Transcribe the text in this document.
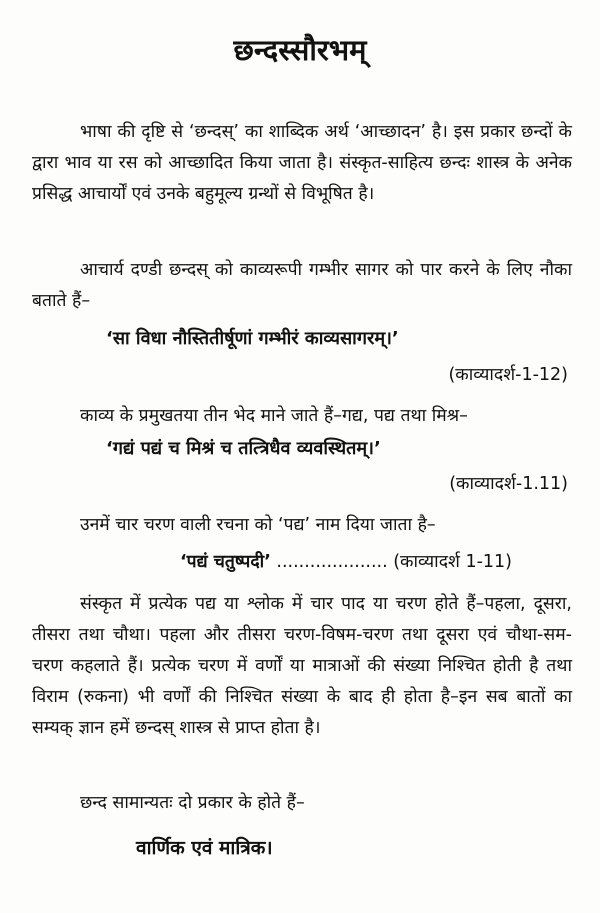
छन्दस्सौरभम्

भाषा की दृष्टि से ‘छन्दस्’ का शाब्दिक अर्थ ‘आच्छादन’ है। इस प्रकार छन्दों के द्वारा भाव या रस को आच्छादित किया जाता है। संस्कृत-साहित्य छन्दः शास्त्र के अनेक प्रसिद्ध आचार्यों एवं उनके बहुमूल्य ग्रन्थों से विभूषित है।

आचार्य दण्डी छन्दस् को काव्यरूपी गम्भीर सागर को पार करने के लिए नौका बताते हैं–

‘सा विधा नौस्तितीर्षूणां गम्भीरं काव्यसागरम्।’

(काव्यादर्श-1-12)

काव्य के प्रमुखतया तीन भेद माने जाते हैं–गद्य, पद्य तथा मिश्र–

‘गद्यं पद्यं च मिश्रं च तत्त्रिधैव व्यवस्थितम्।’

(काव्यादर्श-1.11)

उनमें चार चरण वाली रचना को ‘पद्य’ नाम दिया जाता है–

‘पद्यं चतुष्पदी’ .................... (काव्यादर्श 1-11)

संस्कृत में प्रत्येक पद्य या श्लोक में चार पाद या चरण होते हैं–पहला, दूसरा, तीसरा तथा चौथा। पहला और तीसरा चरण-विषम-चरण तथा दूसरा एवं चौथा-सम-चरण कहलाते हैं। प्रत्येक चरण में वर्णों या मात्राओं की संख्या निश्चित होती है तथा विराम (रुकना) भी वर्णों की निश्चित संख्या के बाद ही होता है–इन सब बातों का सम्यक् ज्ञान हमें छन्दस् शास्त्र से प्राप्त होता है।

छन्द सामान्यतः दो प्रकार के होते हैं–

वार्णिक एवं मात्रिक।
